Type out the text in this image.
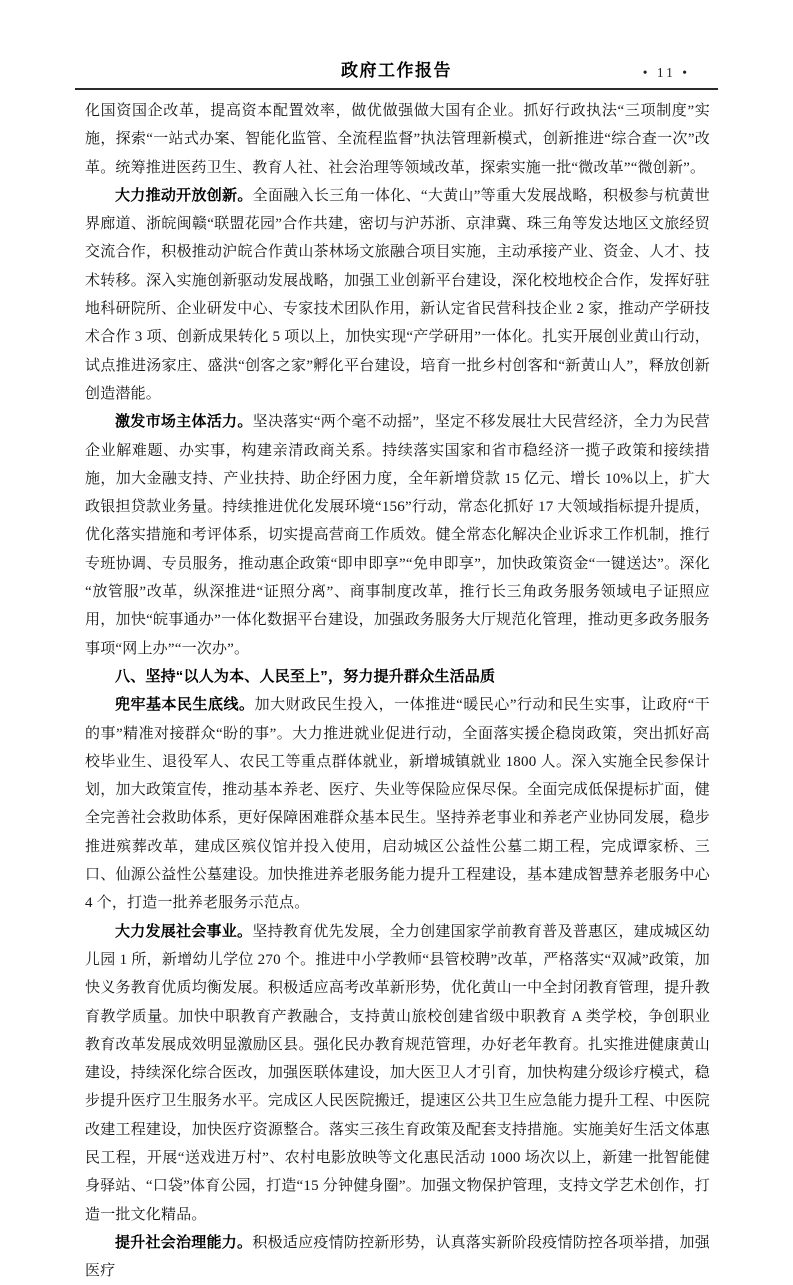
政府工作报告	• 11 •

化国资国企改革，提高资本配置效率，做优做强做大国有企业。抓好行政执法“三项制度”实施，探索“一站式办案、智能化监管、全流程监督”执法管理新模式，创新推进“综合查一次”改革。统筹推进医药卫生、教育人社、社会治理等领域改革，探索实施一批“微改革”“微创新”。

大力推动开放创新。全面融入长三角一体化、“大黄山”等重大发展战略，积极参与杭黄世界廊道、浙皖闽赣“联盟花园”合作共建，密切与沪苏浙、京津冀、珠三角等发达地区文旅经贸交流合作，积极推动沪皖合作黄山茶林场文旅融合项目实施，主动承接产业、资金、人才、技术转移。深入实施创新驱动发展战略，加强工业创新平台建设，深化校地校企合作，发挥好驻地科研院所、企业研发中心、专家技术团队作用，新认定省民营科技企业 2 家，推动产学研技术合作 3 项、创新成果转化 5 项以上，加快实现“产学研用”一体化。扎实开展创业黄山行动，试点推进汤家庄、盛洪“创客之家”孵化平台建设，培育一批乡村创客和“新黄山人”，释放创新创造潜能。

激发市场主体活力。坚决落实“两个毫不动摇”，坚定不移发展壮大民营经济，全力为民营企业解难题、办实事，构建亲清政商关系。持续落实国家和省市稳经济一揽子政策和接续措施，加大金融支持、产业扶持、助企纾困力度，全年新增贷款 15 亿元、增长 10%以上，扩大政银担贷款业务量。持续推进优化发展环境“156”行动，常态化抓好 17 大领域指标提升提质，优化落实措施和考评体系，切实提高营商工作质效。健全常态化解决企业诉求工作机制，推行专班协调、专员服务，推动惠企政策“即申即享”“免申即享”，加快政策资金“一键送达”。深化“放管服”改革，纵深推进“证照分离”、商事制度改革，推行长三角政务服务领域电子证照应用，加快“皖事通办”一体化数据平台建设，加强政务服务大厅规范化管理，推动更多政务服务事项“网上办”“一次办”。

八、坚持“以人为本、人民至上”，努力提升群众生活品质

兜牢基本民生底线。加大财政民生投入，一体推进“暖民心”行动和民生实事，让政府“干的事”精准对接群众“盼的事”。大力推进就业促进行动，全面落实援企稳岗政策，突出抓好高校毕业生、退役军人、农民工等重点群体就业，新增城镇就业 1800 人。深入实施全民参保计划，加大政策宣传，推动基本养老、医疗、失业等保险应保尽保。全面完成低保提标扩面，健全完善社会救助体系，更好保障困难群众基本民生。坚持养老事业和养老产业协同发展，稳步推进殡葬改革，建成区殡仪馆并投入使用，启动城区公益性公墓二期工程，完成谭家桥、三口、仙源公益性公墓建设。加快推进养老服务能力提升工程建设，基本建成智慧养老服务中心 4 个，打造一批养老服务示范点。

大力发展社会事业。坚持教育优先发展，全力创建国家学前教育普及普惠区，建成城区幼儿园 1 所，新增幼儿学位 270 个。推进中小学教师“县管校聘”改革，严格落实“双减”政策，加快义务教育优质均衡发展。积极适应高考改革新形势，优化黄山一中全封闭教育管理，提升教育教学质量。加快中职教育产教融合，支持黄山旅校创建省级中职教育 A 类学校，争创职业教育改革发展成效明显激励区县。强化民办教育规范管理，办好老年教育。扎实推进健康黄山建设，持续深化综合医改，加强医联体建设，加大医卫人才引育，加快构建分级诊疗模式，稳步提升医疗卫生服务水平。完成区人民医院搬迁，提速区公共卫生应急能力提升工程、中医院改建工程建设，加快医疗资源整合。落实三孩生育政策及配套支持措施。实施美好生活文体惠民工程，开展“送戏进万村”、农村电影放映等文化惠民活动 1000 场次以上，新建一批智能健身驿站、“口袋”体育公园，打造“15 分钟健身圈”。加强文物保护管理，支持文学艺术创作，打造一批文化精品。

提升社会治理能力。积极适应疫情防控新形势，认真落实新阶段疫情防控各项举措，加强医疗
